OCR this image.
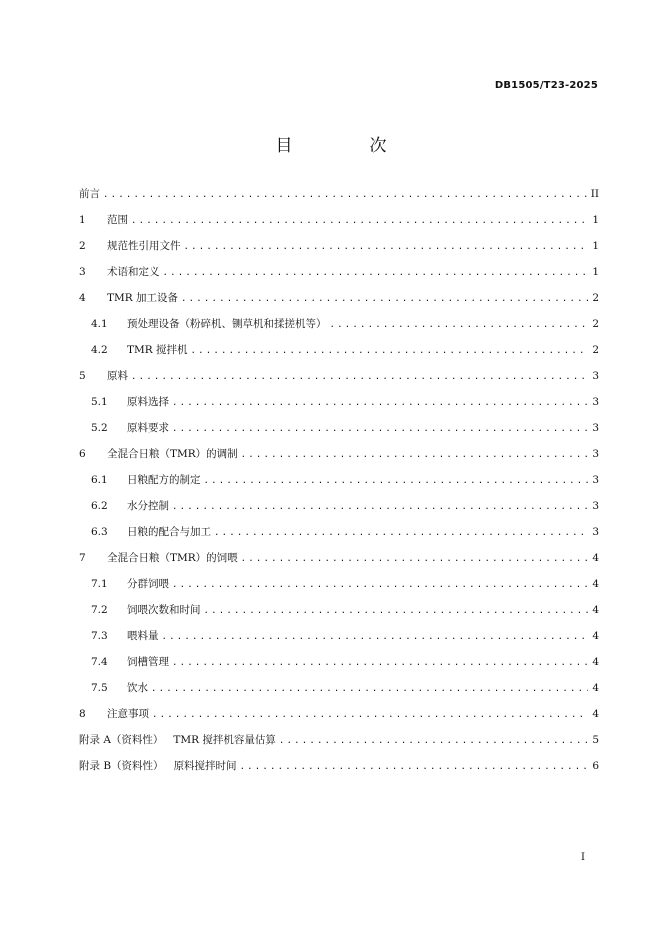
DB1505/T23-2025
目　次
前言 .....	II
1	范围 .....	1
2	规范性引用文件 .....	1
3	术语和定义 .....	1
4	TMR 加工设备 .....	2
4.1	预处理设备（粉碎机、铡草机和揉搓机等） .....	2
4.2	TMR 搅拌机 .....	2
5	原料 .....	3
5.1	原料选择 .....	3
5.2	原料要求 .....	3
6	全混合日粮（TMR）的调制 .....	3
6.1	日粮配方的制定 .....	3
6.2	水分控制 .....	3
6.3	日粮的配合与加工 .....	3
7	全混合日粮（TMR）的饲喂 .....	4
7.1	分群饲喂 .....	4
7.2	饲喂次数和时间 .....	4
7.3	喂料量 .....	4
7.4	饲槽管理 .....	4
7.5	饮水 .....	4
8	注意事项 .....	4
附录 A（资料性） TMR 搅拌机容量估算 .....	5
附录 B（资料性） 原料搅拌时间 .....	6
I
